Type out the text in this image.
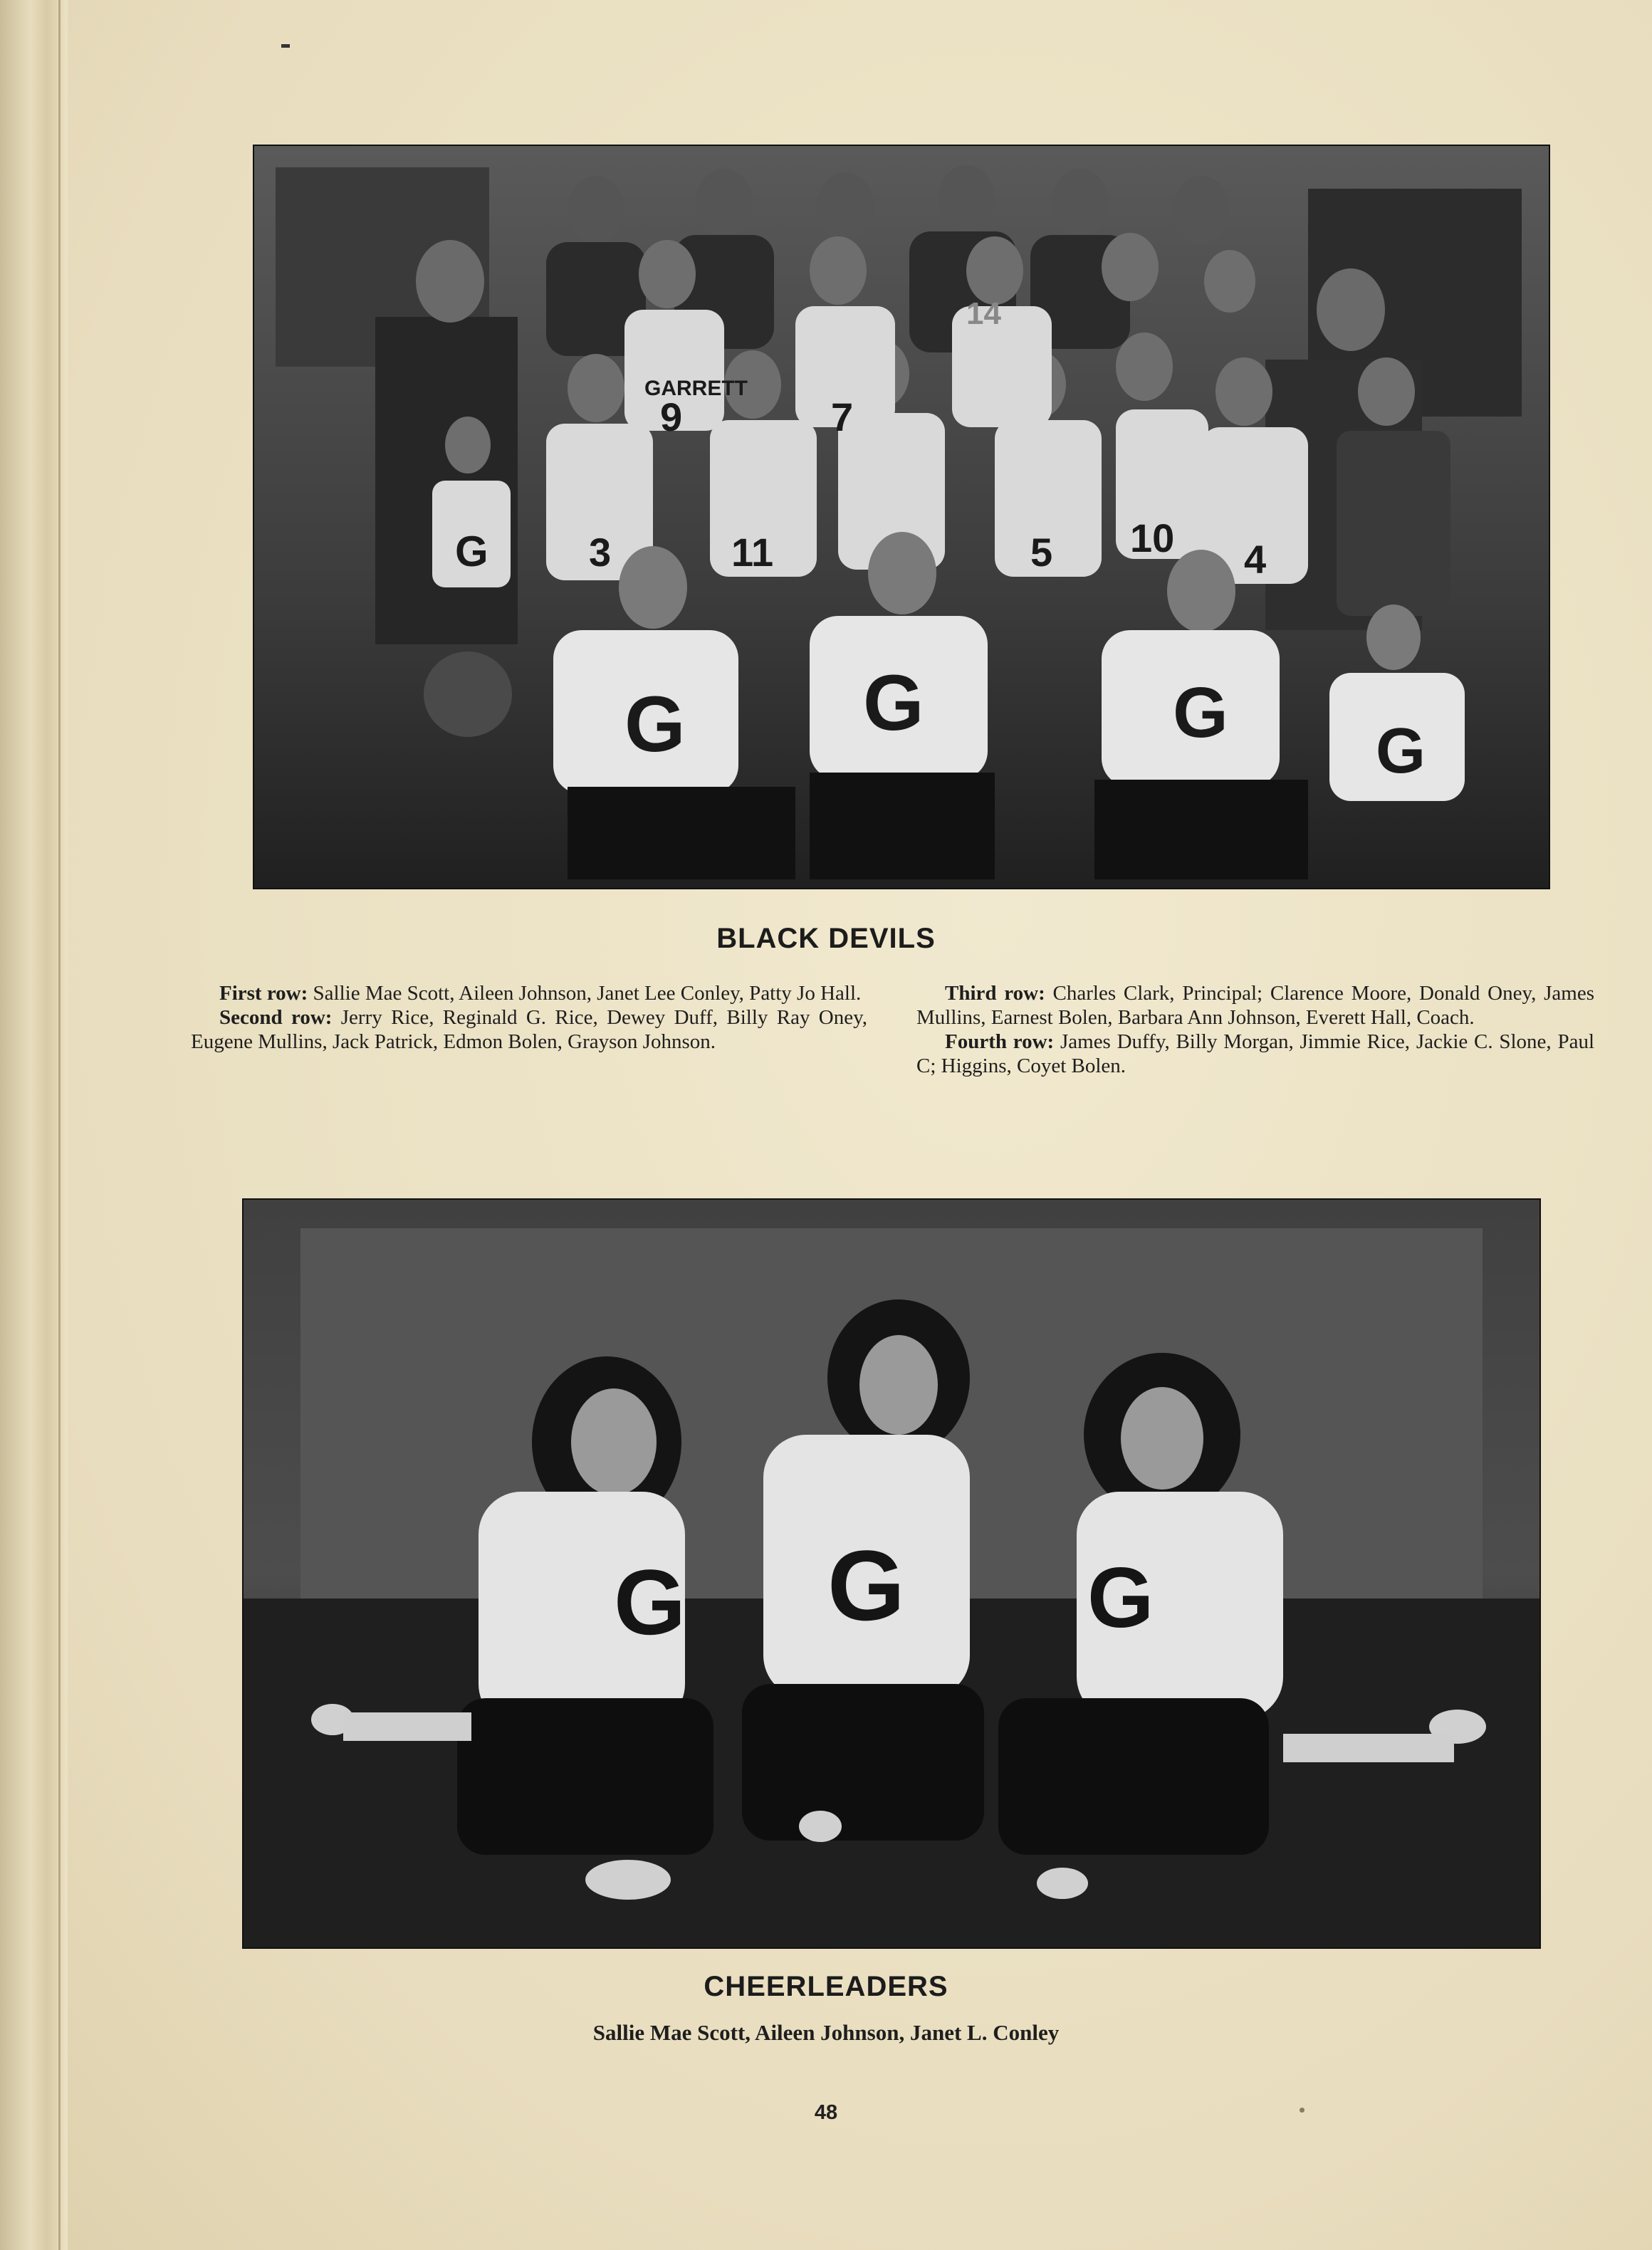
GARRETT
9	7
3	11	5 10 4
14
G G	G G
G
BLACK DEVILS

First row: Sallie Mae Scott, Aileen Johnson, Janet Lee Conley, Patty Jo Hall.

Second row: Jerry Rice, Reginald G. Rice, Dewey Duff, Billy Ray Oney, Eugene Mullins, Jack Patrick, Edmon Bolen, Grayson Johnson.

Third row: Charles Clark, Principal; Clarence Moore, Donald Oney, James Mullins, Earnest Bolen, Barbara Ann Johnson, Everett Hall, Coach.

Fourth row: James Duffy, Billy Morgan, Jimmie Rice, Jackie C. Slone, Paul C; Higgins, Coyet Bolen.

G G G
CHEERLEADERS
Sallie Mae Scott, Aileen Johnson, Janet L. Conley
48
